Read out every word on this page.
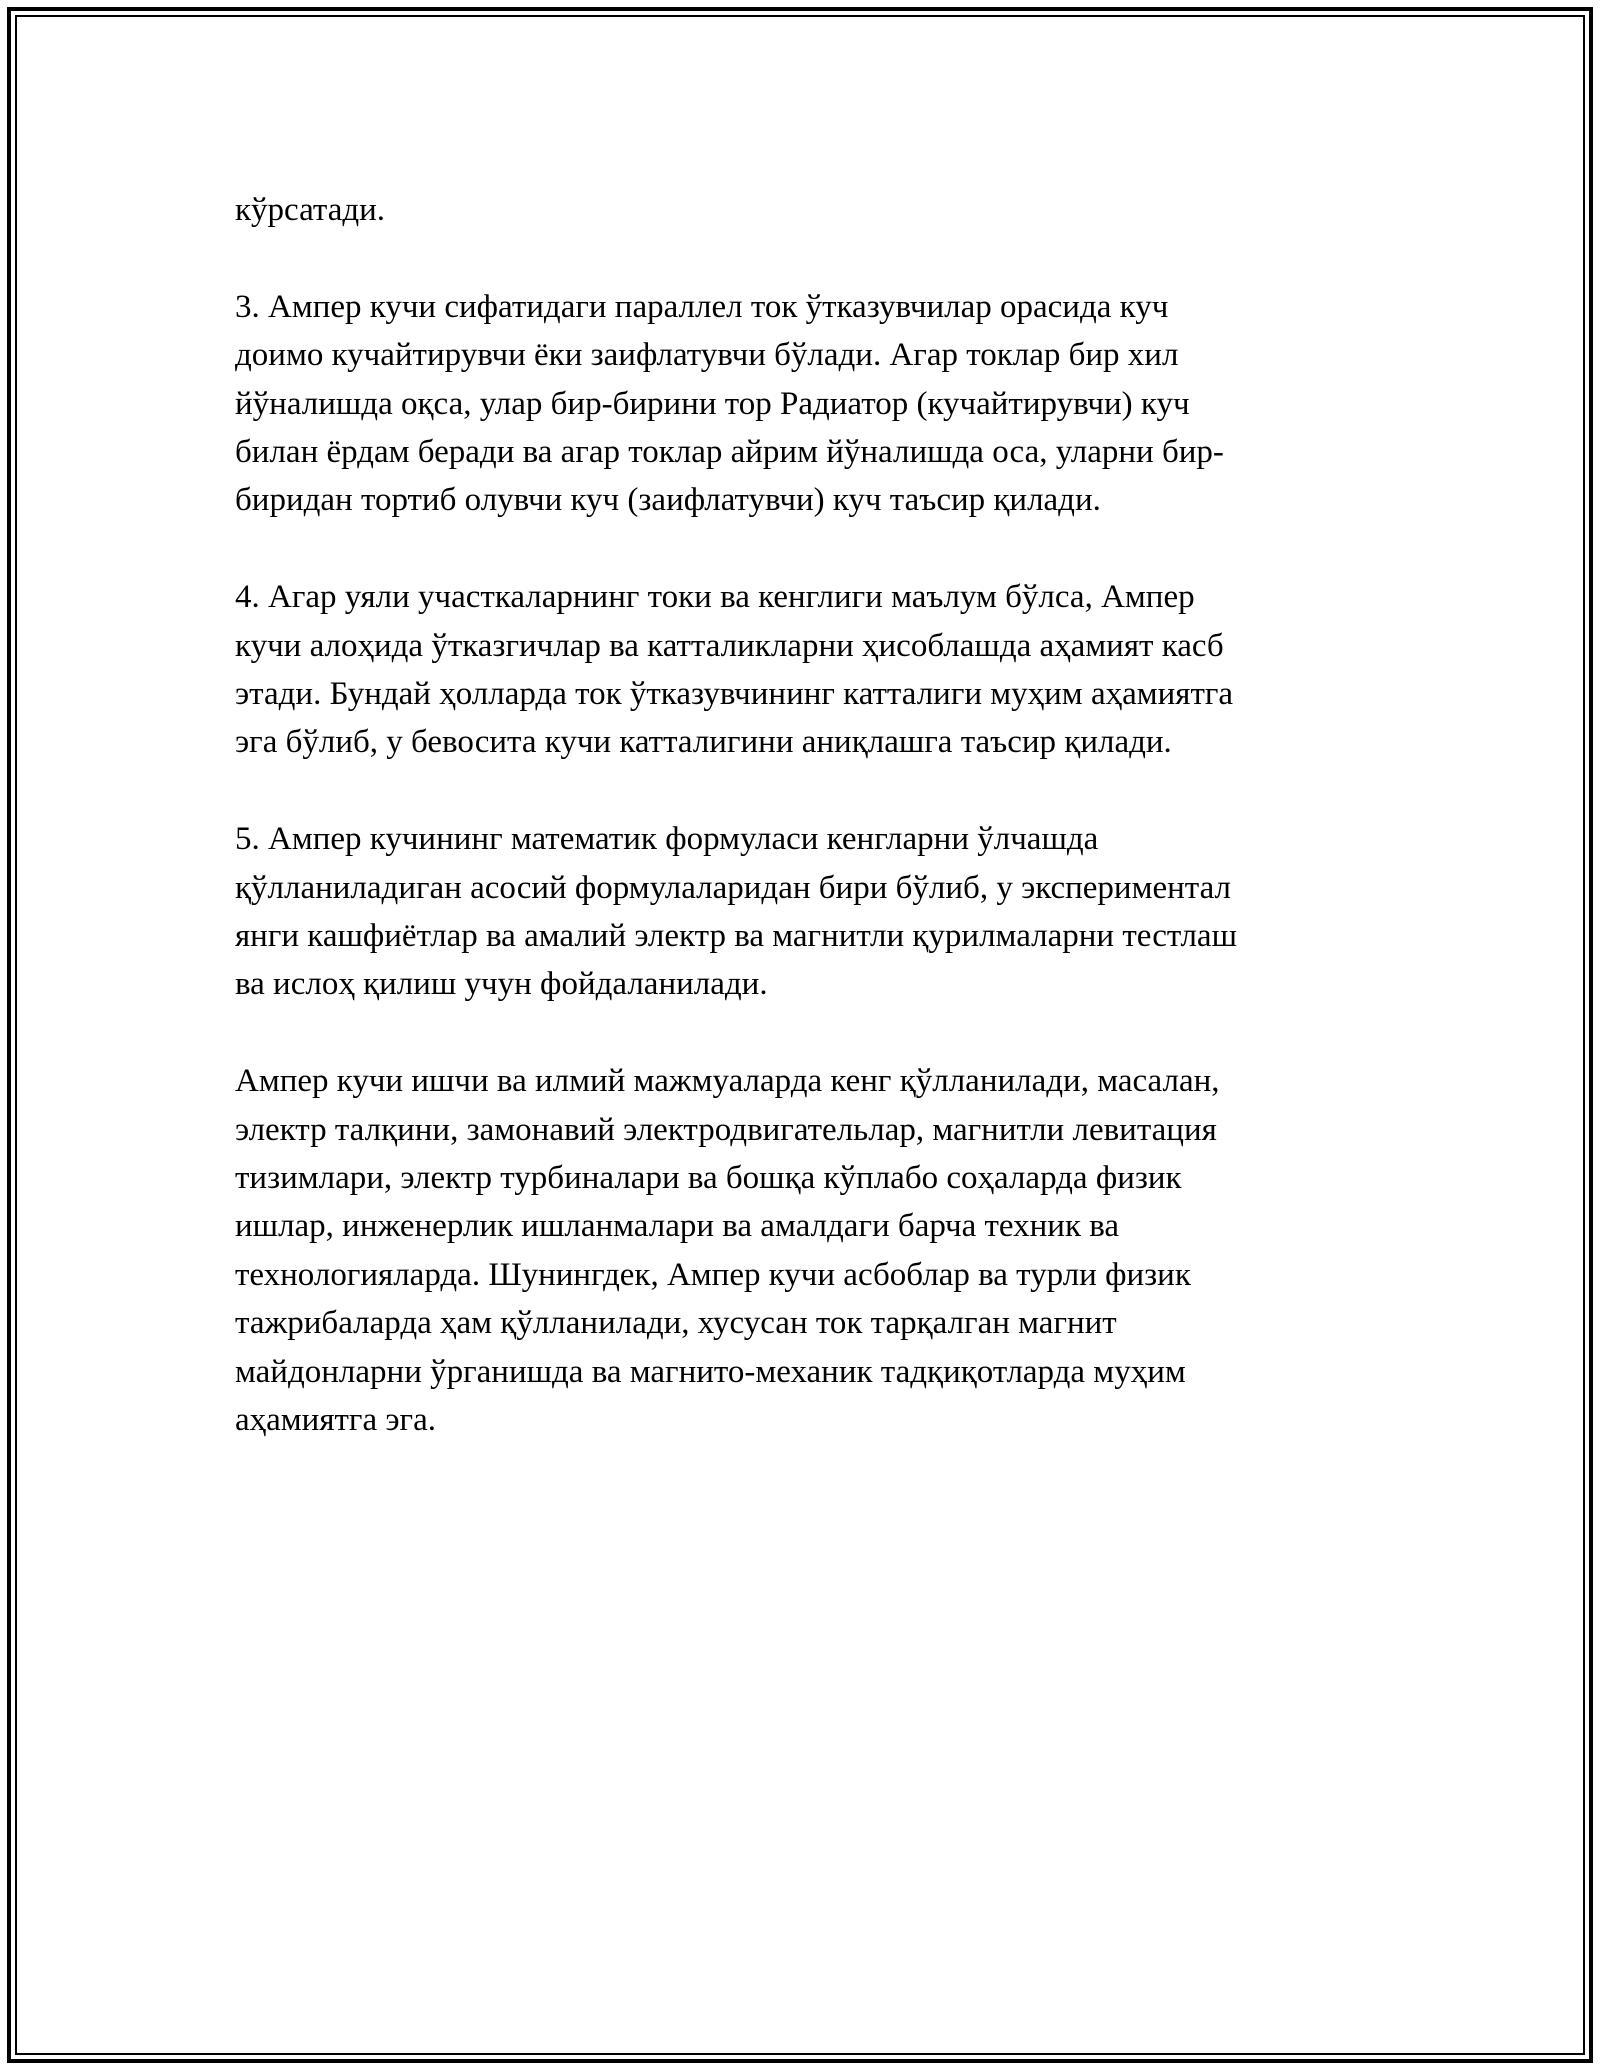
кўрсатади.

3. Ампер кучи сифатидаги параллел ток ўтказувчилар орасида куч
доимо кучайтирувчи ёки заифлатувчи бўлади. Агар токлар бир хил
йўналишда оқса, улар бир-бирини тор Радиатор (кучайтирувчи) куч
билан ёрдам беради ва агар токлар айрим йўналишда оса, уларни бир-
биридан тортиб олувчи куч (заифлатувчи) куч таъсир қилади.

4. Агар уяли участкаларнинг токи ва кенглиги маълум бўлса, Ампер
кучи алоҳида ўтказгичлар ва катталикларни ҳисоблашда аҳамият касб
этади. Бундай ҳолларда ток ўтказувчининг катталиги муҳим аҳамиятга
эга бўлиб, у бевосита кучи катталигини аниқлашга таъсир қилади.

5. Ампер кучининг математик формуласи кенгларни ўлчашда
қўлланиладиган асосий формулаларидан бири бўлиб, у экспериментал
янги кашфиётлар ва амалий электр ва магнитли қурилмаларни тестлаш
ва ислоҳ қилиш учун фойдаланилади.

Ампер кучи ишчи ва илмий мажмуаларда кенг қўлланилади, масалан,
электр талқини, замонавий электродвигательлар, магнитли левитация
тизимлари, электр турбиналари ва бошқа кўплабо соҳаларда физик
ишлар, инженерлик ишланмалари ва амалдаги барча техник ва
технологияларда. Шунингдек, Ампер кучи асбоблар ва турли физик
тажрибаларда ҳам қўлланилади, хусусан ток тарқалган магнит
майдонларни ўрганишда ва магнито-механик тадқиқотларда муҳим
аҳамиятга эга.
